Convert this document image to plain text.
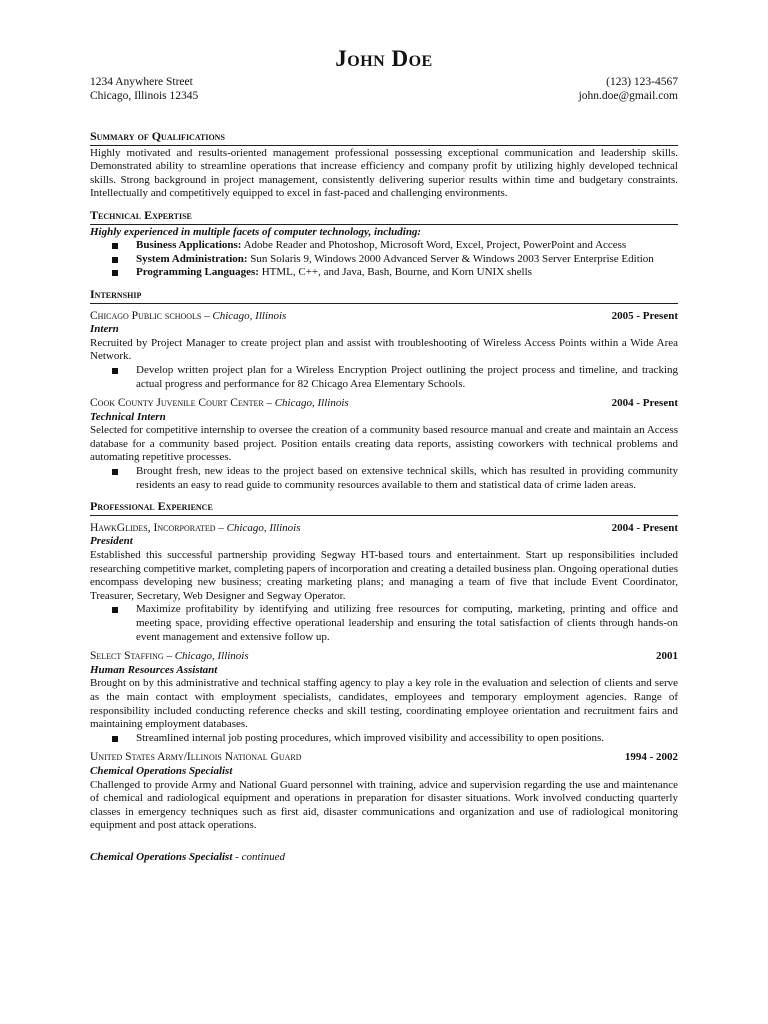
John Doe
1234 Anywhere Street
Chicago, Illinois 12345
(123) 123-4567
john.doe@gmail.com
Summary of Qualifications

Highly motivated and results-oriented management professional possessing exceptional communication and leadership skills. Demonstrated ability to streamline operations that increase efficiency and company profit by utilizing highly developed technical skills. Strong background in project management, consistently delivering superior results within time and budgetary constraints. Intellectually and competitively equipped to excel in fast-paced and challenging environments.

Technical Expertise
Highly experienced in multiple facets of computer technology, including:
Business Applications: Adobe Reader and Photoshop, Microsoft Word, Excel, Project, PowerPoint and Access
System Administration: Sun Solaris 9, Windows 2000 Advanced Server & Windows 2003 Server Enterprise Edition
Programming Languages: HTML, C++, and Java, Bash, Bourne, and Korn UNIX shells
Internship
Chicago Public schools – Chicago, Illinois	2005 - Present
Intern

Recruited by Project Manager to create project plan and assist with troubleshooting of Wireless Access Points within a Wide Area Network.

Develop written project plan for a Wireless Encryption Project outlining the project process and timeline, and tracking actual progress and performance for 82 Chicago Area Elementary Schools.
Cook County Juvenile Court Center – Chicago, Illinois	2004 - Present
Technical Intern

Selected for competitive internship to oversee the creation of a community based resource manual and create and maintain an Access database for a community based project. Position entails creating data reports, assisting coworkers with technical problems and automating repetitive processes.

Brought fresh, new ideas to the project based on extensive technical skills, which has resulted in providing community residents an easy to read guide to community resources available to them and statistical data of crime laden areas.
Professional Experience
HawkGlides, Incorporated – Chicago, Illinois	2004 - Present
President

Established this successful partnership providing Segway HT-based tours and entertainment. Start up responsibilities included researching competitive market, completing papers of incorporation and creating a detailed business plan. Ongoing operational duties encompass developing new business; creating marketing plans; and managing a team of five that include Event Coordinator, Treasurer, Secretary, Web Designer and Segway Operator.

Maximize profitability by identifying and utilizing free resources for computing, marketing, printing and office and meeting space, providing effective operational leadership and ensuring the total satisfaction of clients through hands-on event management and extensive follow up.
Select Staffing – Chicago, Illinois	2001
Human Resources Assistant

Brought on by this administrative and technical staffing agency to play a key role in the evaluation and selection of clients and serve as the main contact with employment specialists, candidates, employees and temporary employment agencies. Range of responsibility included conducting reference checks and skill testing, coordinating employee orientation and recruitment fairs and maintaining employment databases.

Streamlined internal job posting procedures, which improved visibility and accessibility to open positions.
United States Army/Illinois National Guard	1994 - 2002
Chemical Operations Specialist

Challenged to provide Army and National Guard personnel with training, advice and supervision regarding the use and maintenance of chemical and radiological equipment and operations in preparation for disaster situations. Work involved conducting quarterly classes in emergency techniques such as first aid, disaster communications and organization and use of radiological monitoring equipment and post attack operations.

Chemical Operations Specialist - continued
